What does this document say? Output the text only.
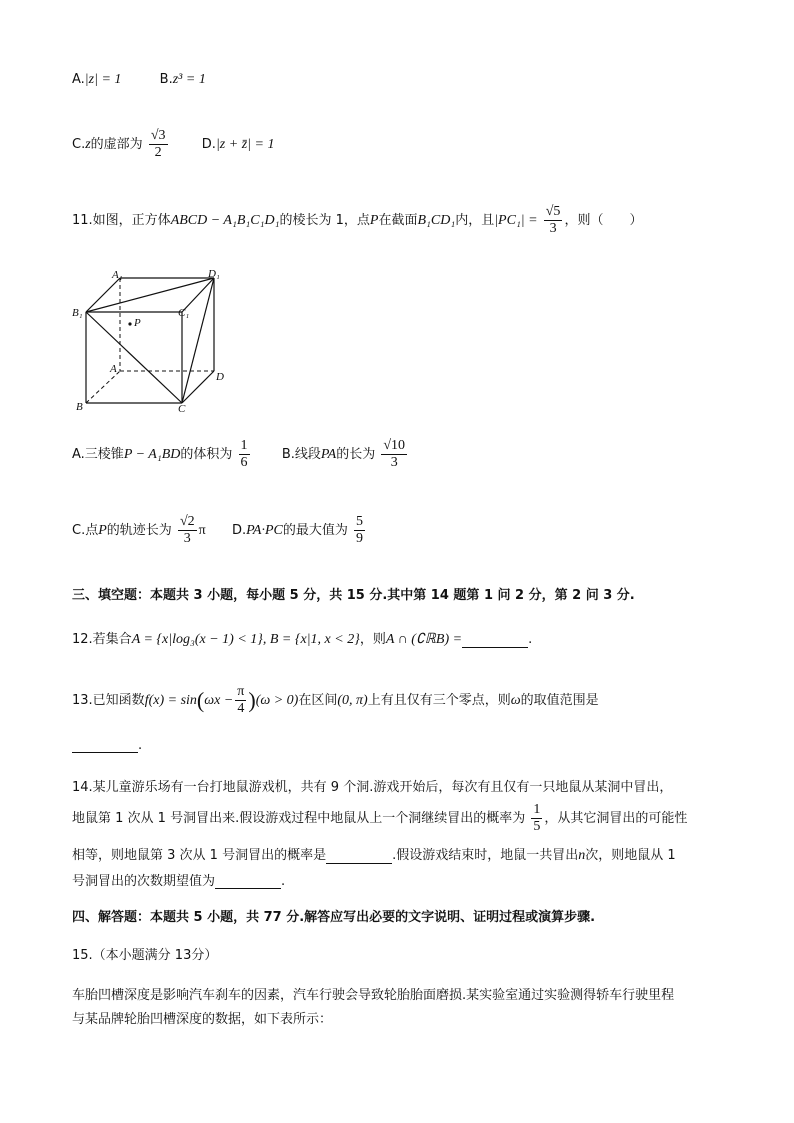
A.|z| = 1	B.z³ = 1
C.z的虚部为 $\frac{√3}{2}$	D.|z + z̄| = 1
11.如图，正方体ABCD − A₁B₁C₁D₁的棱长为 1，点P在截面B₁CD₁内，且$|PC_1| = \frac{√5}{3}$ ，则（　　）
A₁	D₁
B₁	C₁
P
A
D
B	C
A.三棱锥P − A₁BD的体积为 $\frac{1}{6} B$.线段PA的长为 $\frac{√10}{3}$
C.点P的轨迹长为 $\frac{√2}{3}$ π D.PA·PC的最大值为 $\frac{5}{9}$
三、填空题：本题共 3 小题，每小题 5 分，共 15 分.其中第 14 题第 1 问 2 分，第 2 问 3 分.
12.若集合A = {x|log₃(x − 1) < 1}, B = {x|1, x < 2}，则A ∩ (∁ℝB) =	.
13.已知函数$f(x) = \sin(\omega x - \frac{\pi}{4} )(\omega > 0)$在区间(0, π)上有且仅有三个零点，则ω的取值范围是
.
14.某儿童游乐场有一台打地鼠游戏机，共有 9 个洞.游戏开始后，每次有且仅有一只地鼠从某洞中冒出，
地鼠第 1 次从 1 号洞冒出来.假设游戏过程中地鼠从上一个洞继续冒出的概率为 $\frac{1}{5}$ ，从其它洞冒出的可能性
相等，则地鼠第 3 次从 1 号洞冒出的概率是	.假设游戏结束时，地鼠一共冒出n次，则地鼠从 1
号洞冒出的次数期望值为	.
四、解答题：本题共 5 小题，共 77 分.解答应写出必要的文字说明、证明过程或演算步骤.
15.（本小题满分 13分）
车胎凹槽深度是影响汽车刹车的因素，汽车行驶会导致轮胎胎面磨损.某实验室通过实验测得轿车行驶里程
与某品牌轮胎凹槽深度的数据，如下表所示：
